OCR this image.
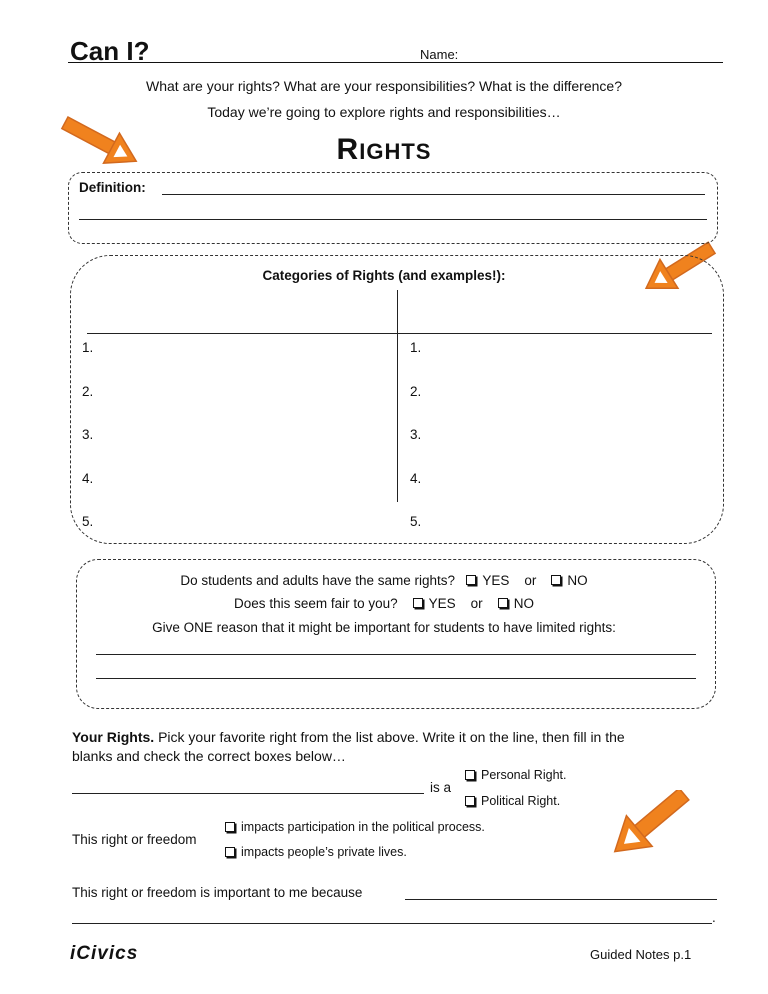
Can I?	Name:
What are your rights? What are your responsibilities? What is the difference?
Today we’re going to explore rights and responsibilities…
RIGHTS
Definition:
Categories of Rights (and examples!):
1.
2.
3.
4.
5.
1.
2.
3.
4.
5.
Do students and adults have the same rights? YES or NO
Does this seem fair to you? YES or NO
Give ONE reason that it might be important for students to have limited rights:
Your Rights. Pick your favorite right from the list above. Write it on the line, then fill in the
blanks and check the correct boxes below…
is a
Personal Right.
Political Right.
This right or freedom
impacts participation in the political process.
impacts people’s private lives.
This right or freedom is important to me because
.
iCivics	Guided Notes p.1
